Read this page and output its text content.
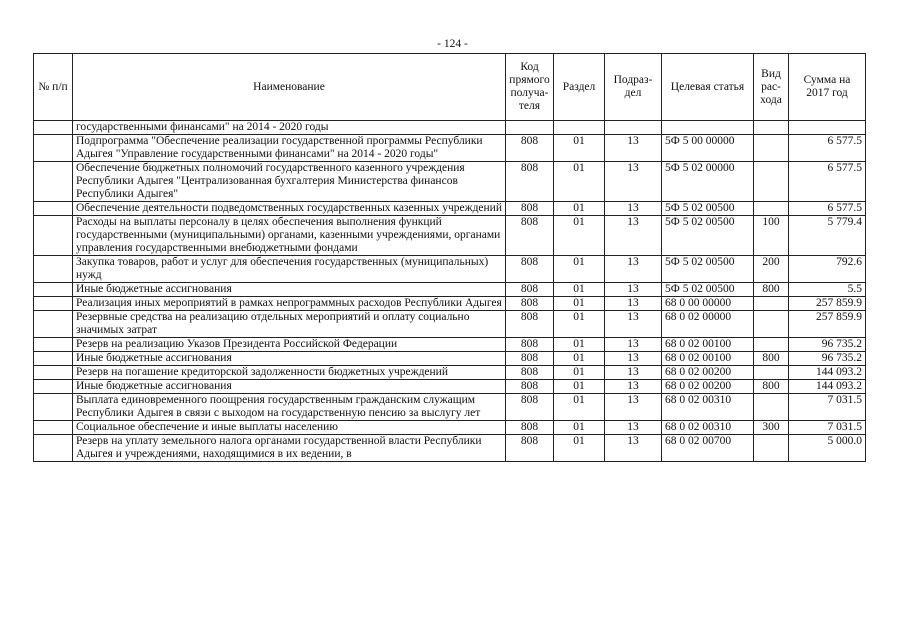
- 124 -
№ п/п	Наименование	Код прямого получа-теля	Раздел	Подраз-дел	Целевая статья	Вид рас-хода	Сумма на 2017 год
	государственными финансами" на 2014 - 2020 годы						
	Подпрограмма "Обеспечение реализации государственной программы Республики Адыгея "Управление государственными финансами" на 2014 - 2020 годы"	808	01	13	5Ф 5 00 00000		6 577.5
	Обеспечение бюджетных полномочий государственного казенного учреждения Республики Адыгея "Централизованная бухгалтерия Министерства финансов Республики Адыгея"	808	01	13	5Ф 5 02 00000		6 577.5
	Обеспечение деятельности подведомственных государственных казенных учреждений	808	01	13	5Ф 5 02 00500		6 577.5
	Расходы на выплаты персоналу в целях обеспечения выполнения функций государственными (муниципальными) органами, казенными учреждениями, органами управления государственными внебюджетными фондами	808	01	13	5Ф 5 02 00500	100	5 779.4
	Закупка товаров, работ и услуг для обеспечения государственных (муниципальных) нужд	808	01	13	5Ф 5 02 00500	200	792.6
	Иные бюджетные ассигнования	808	01	13	5Ф 5 02 00500	800	5.5
	Реализация иных мероприятий в рамках непрограммных расходов Республики Адыгея	808	01	13	68 0 00 00000		257 859.9
	Резервные средства на реализацию отдельных мероприятий и оплату социально значимых затрат	808	01	13	68 0 02 00000		257 859.9
	Резерв на реализацию Указов Президента Российской Федерации	808	01	13	68 0 02 00100		96 735.2
	Иные бюджетные ассигнования	808	01	13	68 0 02 00100	800	96 735.2
	Резерв на погашение кредиторской задолженности бюджетных учреждений	808	01	13	68 0 02 00200		144 093.2
	Иные бюджетные ассигнования	808	01	13	68 0 02 00200	800	144 093.2
	Выплата единовременного поощрения государственным гражданским служащим Республики Адыгея в связи с выходом на государственную пенсию за выслугу лет	808	01	13	68 0 02 00310		7 031.5
	Социальное обеспечение и иные выплаты населению	808	01	13	68 0 02 00310	300	7 031.5
	Резерв на уплату земельного налога органами государственной власти Республики Адыгея и учреждениями, находящимися в их ведении, в	808	01	13	68 0 02 00700		5 000.0
